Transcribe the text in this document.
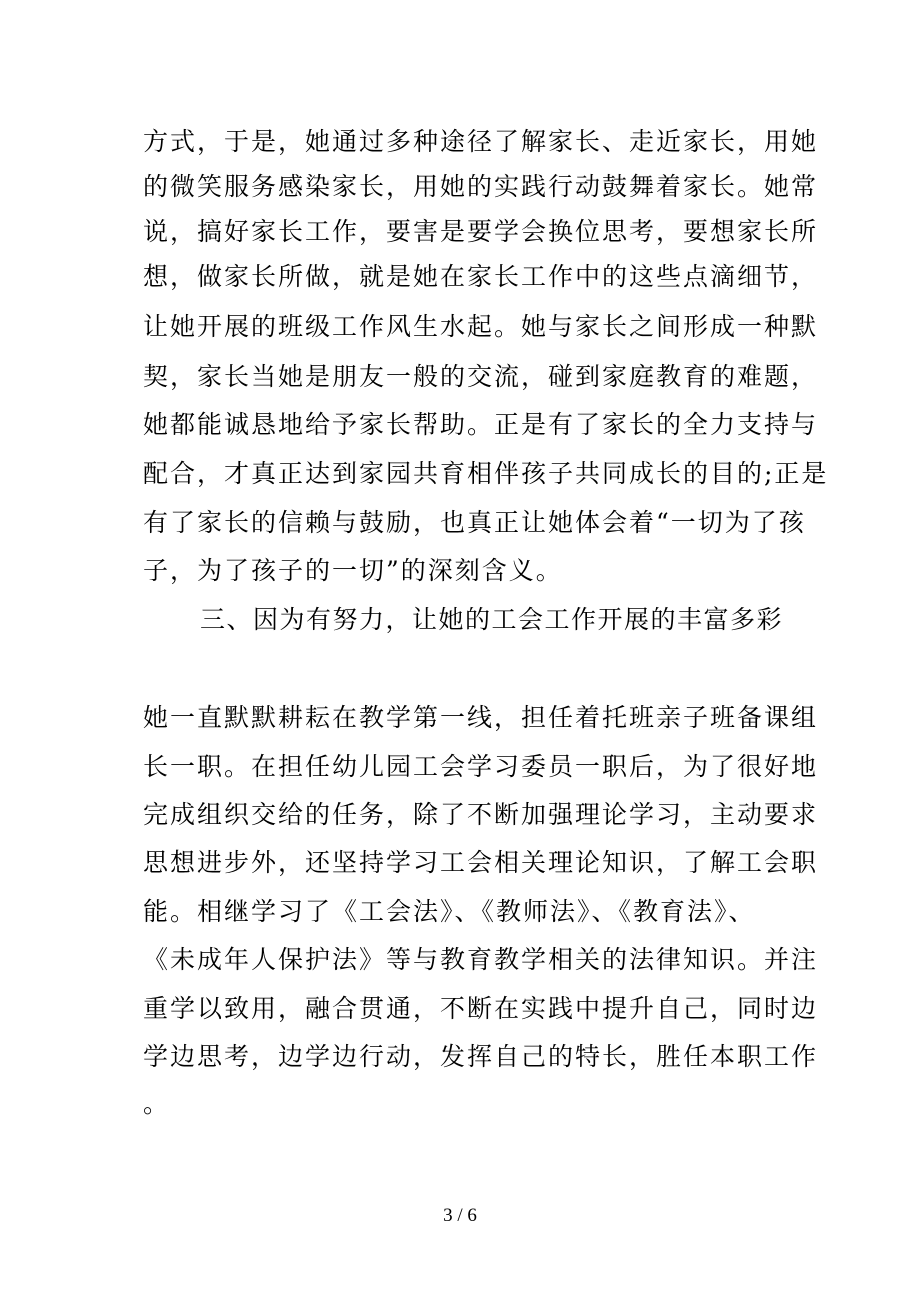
方式，于是，她通过多种途径了解家长、走近家长，用她
的微笑服务感染家长，用她的实践行动鼓舞着家长。她常
说，搞好家长工作，要害是要学会换位思考，要想家长所
想，做家长所做，就是她在家长工作中的这些点滴细节，
让她开展的班级工作风生水起。她与家长之间形成一种默
契，家长当她是朋友一般的交流，碰到家庭教育的难题，
她都能诚恳地给予家长帮助。正是有了家长的全力支持与
配合，才真正达到家园共育相伴孩子共同成长的目的;正是
有了家长的信赖与鼓励，也真正让她体会着“一切为了孩
子，为了孩子的一切”的深刻含义。
三、因为有努力，让她的工会工作开展的丰富多彩
她一直默默耕耘在教学第一线，担任着托班亲子班备课组
长一职。在担任幼儿园工会学习委员一职后，为了很好地
完成组织交给的任务，除了不断加强理论学习，主动要求
思想进步外，还坚持学习工会相关理论知识，了解工会职
能。相继学习了《工会法》、《教师法》、《教育法》、
《未成年人保护法》等与教育教学相关的法律知识。并注
重学以致用，融合贯通，不断在实践中提升自己，同时边
学边思考，边学边行动，发挥自己的特长，胜任本职工作
。
3 / 6
